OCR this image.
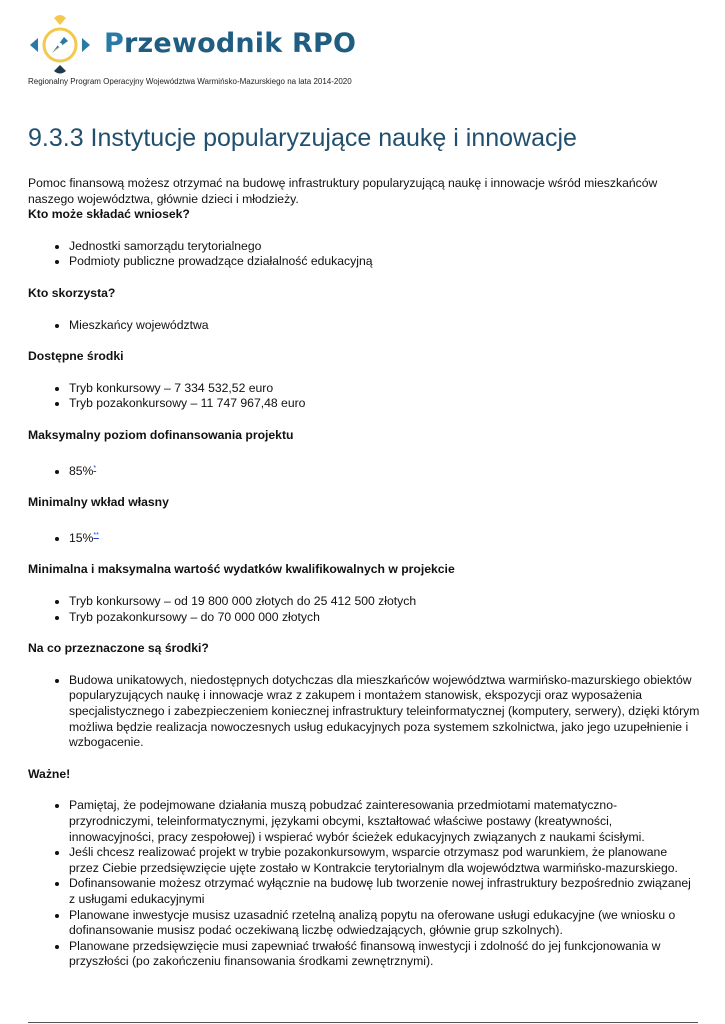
Przewodnik RPO
Regionalny Program Operacyjny Województwa Warmińsko-Mazurskiego na lata 2014-2020
9.3.3 Instytucje popularyzujące naukę i innowacje

Pomoc finansową możesz otrzymać na budowę infrastruktury popularyzującą naukę i innowacje wśród mieszkańców naszego województwa, głównie dzieci i młodzieży.

Kto może składać wniosek?

• Jednostki samorządu terytorialnego
• Podmioty publiczne prowadzące działalność edukacyjną

Kto skorzysta?

• Mieszkańcy województwa

Dostępne środki

• Tryb konkursowy – 7 334 532,52 euro
• Tryb pozakonkursowy – 11 747 967,48 euro

Maksymalny poziom dofinansowania projektu

• 85%*

Minimalny wkład własny

• 15%**

Minimalna i maksymalna wartość wydatków kwalifikowalnych w projekcie

• Tryb konkursowy – od 19 800 000 złotych do 25 412 500 złotych
• Tryb pozakonkursowy – do 70 000 000 złotych

Na co przeznaczone są środki?

• Budowa unikatowych, niedostępnych dotychczas dla mieszkańców województwa warmińsko-mazurskiego obiektów popularyzujących naukę i innowacje wraz z zakupem i montażem stanowisk, ekspozycji oraz wyposażenia specjalistycznego i zabezpieczeniem koniecznej infrastruktury teleinformatycznej (komputery, serwery), dzięki którym możliwa będzie realizacja nowoczesnych usług edukacyjnych poza systemem szkolnictwa, jako jego uzupełnienie i wzbogacenie.

Ważne!

• Pamiętaj, że podejmowane działania muszą pobudzać zainteresowania przedmiotami matematyczno-przyrodniczymi, teleinformatycznymi, językami obcymi, kształtować właściwe postawy (kreatywności, innowacyjności, pracy zespołowej) i wspierać wybór ścieżek edukacyjnych związanych z naukami ścisłymi.
• Jeśli chcesz realizować projekt w trybie pozakonkursowym, wsparcie otrzymasz pod warunkiem, że planowane przez Ciebie przedsięwzięcie ujęte zostało w Kontrakcie terytorialnym dla województwa warmińsko-mazurskiego.
• Dofinansowanie możesz otrzymać wyłącznie na budowę lub tworzenie nowej infrastruktury bezpośrednio związanej z usługami edukacyjnymi
• Planowane inwestycje musisz uzasadnić rzetelną analizą popytu na oferowane usługi edukacyjne (we wniosku o dofinansowanie musisz podać oczekiwaną liczbę odwiedzających, głównie grup szkolnych).
• Planowane przedsięwzięcie musi zapewniać trwałość finansową inwestycji i zdolność do jej funkcjonowania w przyszłości (po zakończeniu finansowania środkami zewnętrznymi).
